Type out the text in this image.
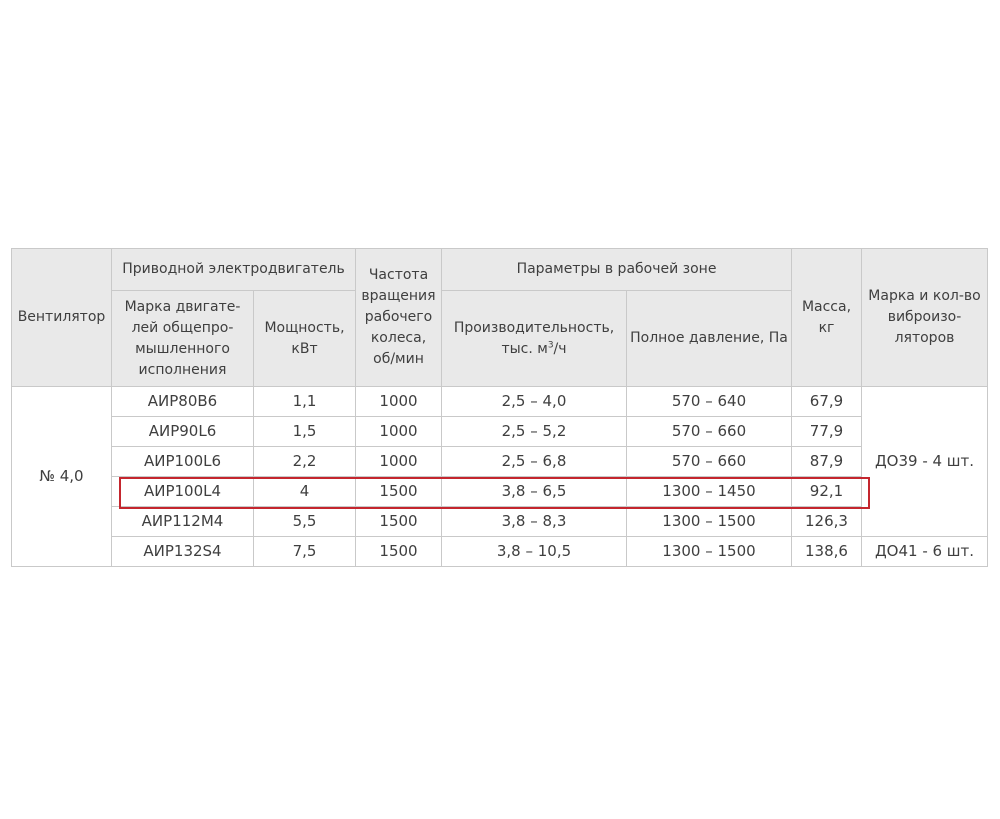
Вентилятор	Приводной электродвигатель		Частота вращения рабочего колеса, об/мин	Параметры в рабочей зоне		Масса, кг	Марка и кол-во виброизо-ляторов
	Марка двигате-лей общепро-мышленного исполнения	Мощность, кВт		Производительность, тыс. $м^3/ч$	Полное давление, Па		
№ 4,0	АИР80В6	1,1	1000	2,5 – 4,0	570 – 640	67,9	ДО39 - 4 шт.
	АИР90L6	1,5	1000	2,5 – 5,2	570 – 660	77,9	
	АИР100L6	2,2	1000	2,5 – 6,8	570 – 660	87,9	
	АИР100L4	4	1500	3,8 – 6,5	1300 – 1450	92,1	
	АИР112М4	5,5	1500	3,8 – 8,3	1300 – 1500	126,3	
	АИР132S4	7,5	1500	3,8 – 10,5	1300 – 1500	138,6	ДО41 - 6 шт.
